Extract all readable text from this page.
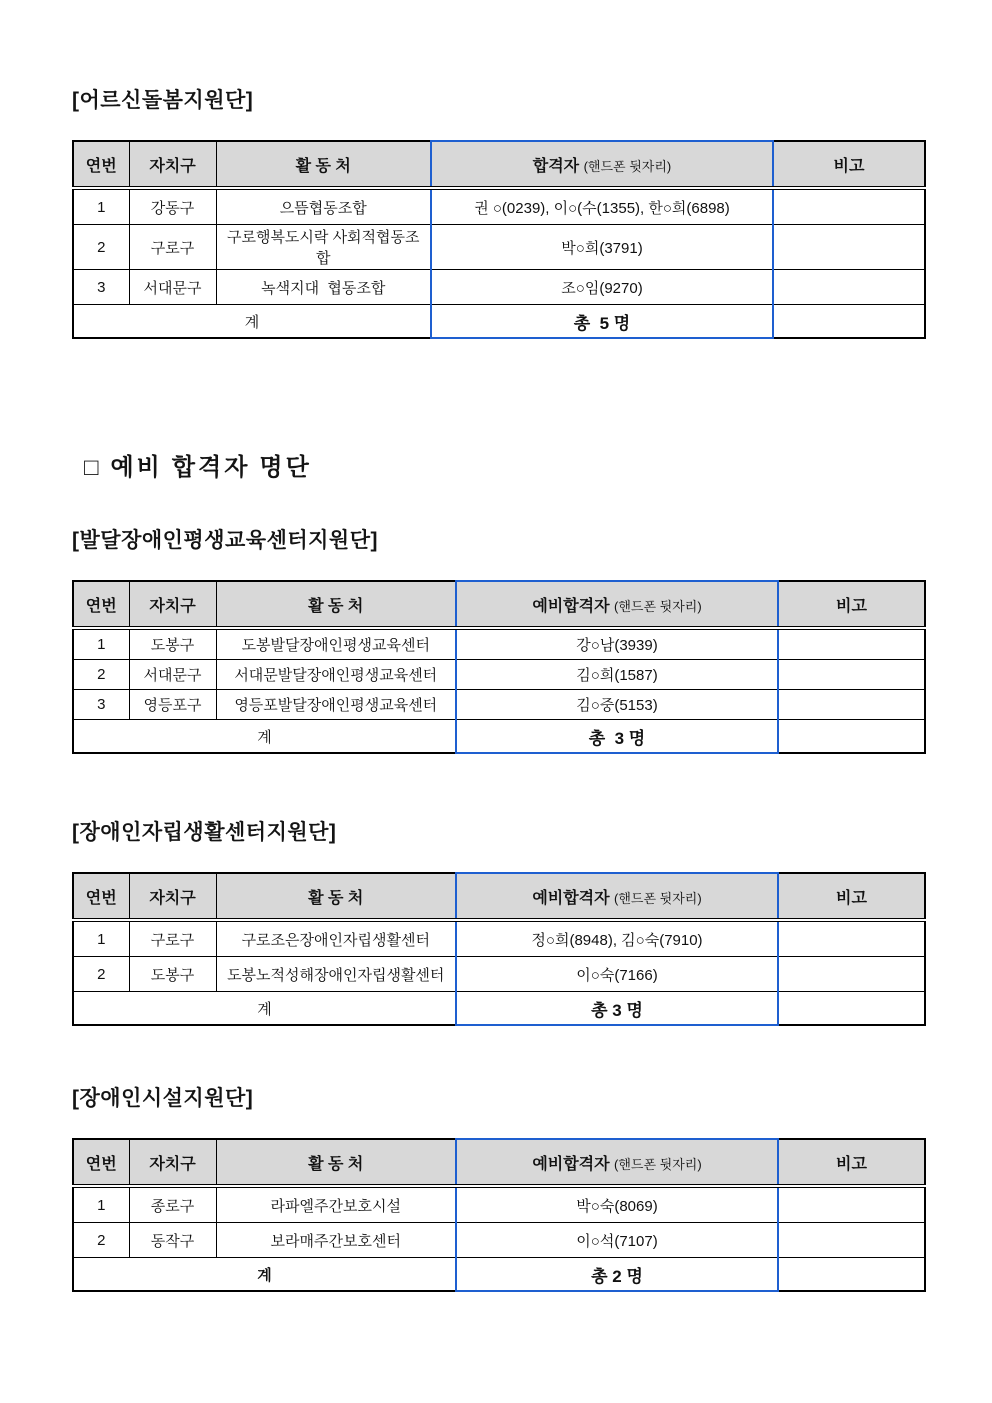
[어르신돌봄지원단]
연번	자치구	활 동 처	합격자 (핸드폰 뒷자리)	비고
1	강동구	으뜸협동조합	권 ○(0239), 이○(수(1355), 한○희(6898)	
2	구로구	구로행복도시락 사회적협동조합	박○희(3791)	
3	서대문구	녹색지대  협동조합	조○임(9270)	
계			총  5 명	
□ 예비 합격자 명단
[발달장애인평생교육센터지원단]
연번	자치구	활 동 처	예비합격자 (핸드폰 뒷자리)	비고
1	도봉구	도봉발달장애인평생교육센터	강○남(3939)	
2	서대문구	서대문발달장애인평생교육센터	김○희(1587)	
3	영등포구	영등포발달장애인평생교육센터	김○중(5153)	
계			총  3 명	
[장애인자립생활센터지원단]
연번	자치구	활 동 처	예비합격자 (핸드폰 뒷자리)	비고
1	구로구	구로조은장애인자립생활센터	정○희(8948), 김○숙(7910)	
2	도봉구	도봉노적성해장애인자립생활센터	이○숙(7166)	
계			총 3 명	
[장애인시설지원단]
연번	자치구	활 동 처	예비합격자 (핸드폰 뒷자리)	비고
1	종로구	라파엘주간보호시설	박○숙(8069)	
2	동작구	보라매주간보호센터	이○석(7107)	
계			총 2 명	
